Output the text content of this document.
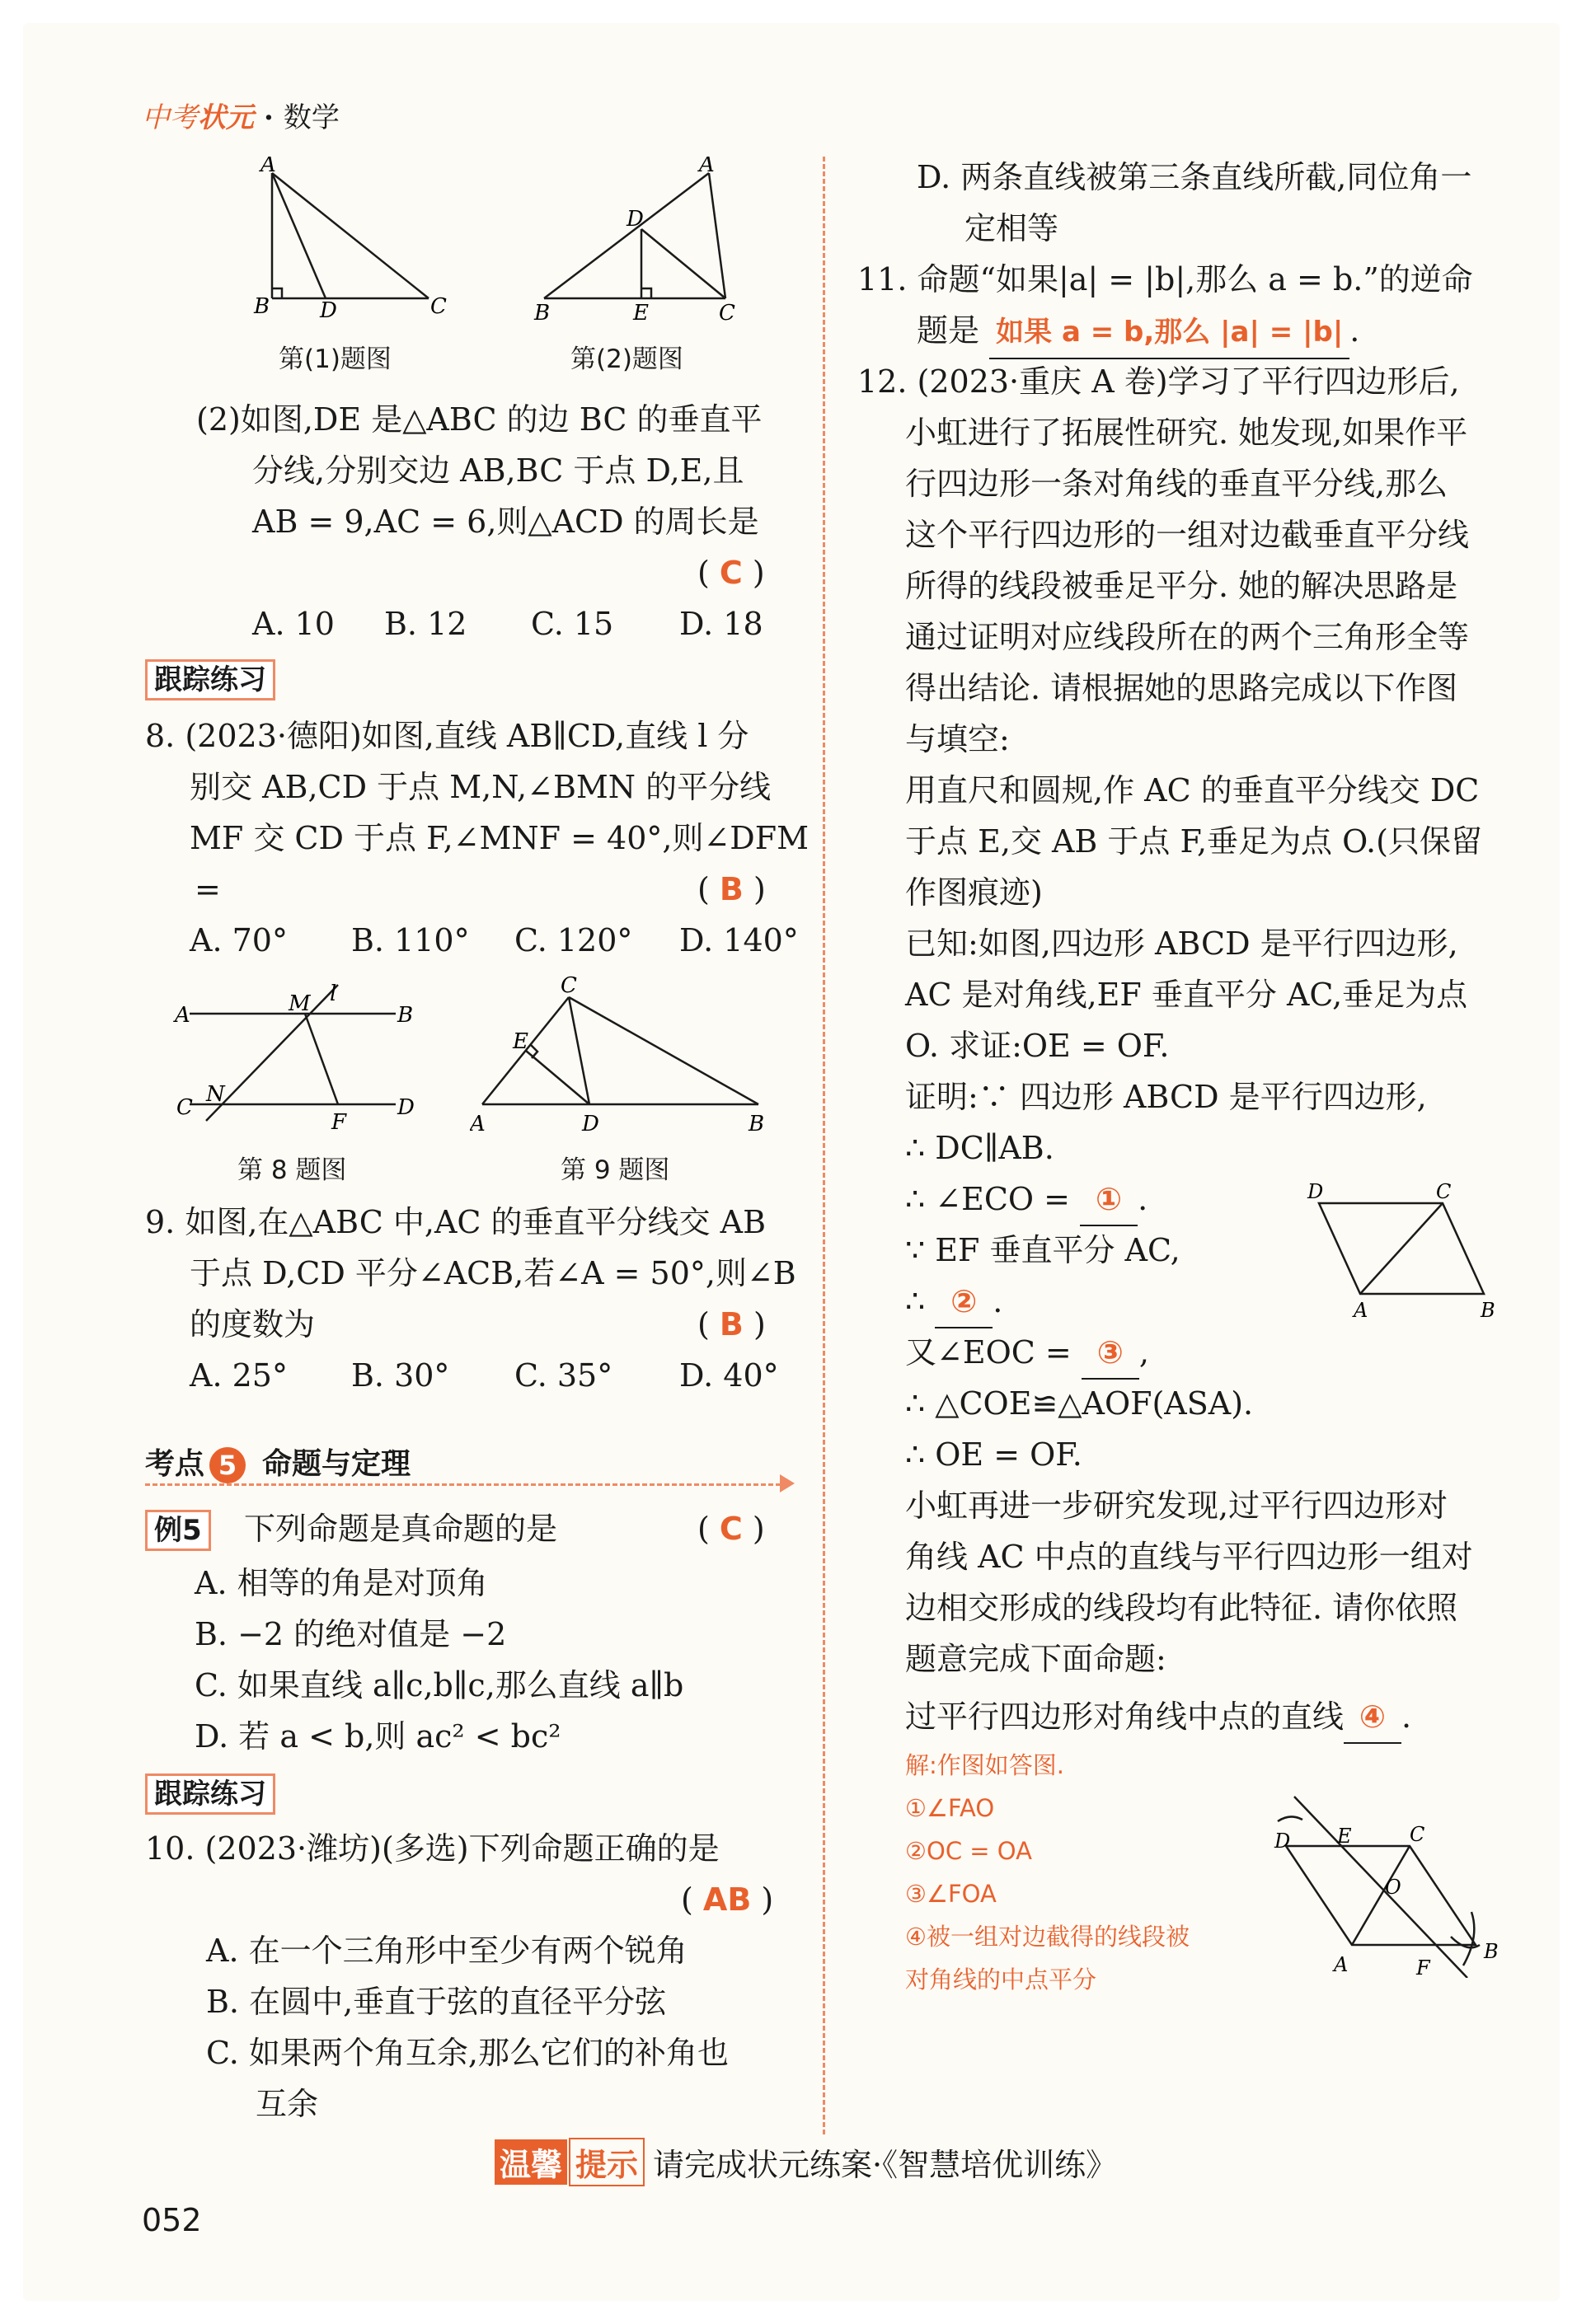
中考状元 · 数学
A
B D	C
第(1)题图
A
D
B	E	C
第(2)题图
(2)如图,DE 是△ABC 的边 BC 的垂直平
分线,分别交边 AB,BC 于点 D,E,且
AB = 9,AC = 6,则△ACD 的周长是
( C )
A. 10 B. 12 C. 15 D. 18
跟踪练习
8. (2023·德阳)如图,直线 AB∥CD,直线 l 分
别交 AB,CD 于点 M,N,∠BMN 的平分线
MF 交 CD 于点 F,∠MNF = 40°,则∠DFM
=	( B )
A. 70° B. 110° C. 120° D. 140°
A	B
C	D
M
N
F
l
第 8 题图
C
E
A	D	B
第 9 题图
9. 如图,在△ABC 中,AC 的垂直平分线交 AB
于点 D,CD 平分∠ACB,若∠A = 50°,则∠B
的度数为	( B )
A. 25° B. 30° C. 35° D. 40°
考点 5 命题与定理
例5 下列命题是真命题的是	( C )
A. 相等的角是对顶角
B. −2 的绝对值是 −2
C. 如果直线 a∥c,b∥c,那么直线 a∥b
D. 若 a < b,则 ac² < bc²
跟踪练习
10. (2023·潍坊)(多选)下列命题正确的是
( AB )
A. 在一个三角形中至少有两个锐角
B. 在圆中,垂直于弦的直径平分弦
C. 如果两个角互余,那么它们的补角也
互余
D. 两条直线被第三条直线所截,同位角一
定相等
11. 命题“如果|a| = |b|,那么 a = b.”的逆命
题是 如果 a = b,那么 |a| = |b| .
12. (2023·重庆 A 卷)学习了平行四边形后,
小虹进行了拓展性研究. 她发现,如果作平
行四边形一条对角线的垂直平分线,那么
这个平行四边形的一组对边截垂直平分线
所得的线段被垂足平分. 她的解决思路是
通过证明对应线段所在的两个三角形全等
得出结论. 请根据她的思路完成以下作图
与填空:
用直尺和圆规,作 AC 的垂直平分线交 DC
于点 E,交 AB 于点 F,垂足为点 O.(只保留
作图痕迹)
已知:如图,四边形 ABCD 是平行四边形,
AC 是对角线,EF 垂直平分 AC,垂足为点
O. 求证:OE = OF.
证明:∵ 四边形 ABCD 是平行四边形,
∴ DC∥AB.
∴ ∠ECO = ① .
∵ EF 垂直平分 AC,
∴ ② .
又∠EOC = ③ ,
∴ △COE≌△AOF(ASA).
∴ OE = OF.
D	C
A	B
小虹再进一步研究发现,过平行四边形对
角线 AC 中点的直线与平行四边形一组对
边相交形成的线段均有此特征. 请你依照
题意完成下面命题:
过平行四边形对角线中点的直线 ④ .
解:作图如答图.
①∠FAO
②OC = OA
③∠FOA
④被一组对边截得的线段被
对角线的中点平分
D E	C
O
A	F
B
温馨 提示 请完成状元练案·《智慧培优训练》
052
